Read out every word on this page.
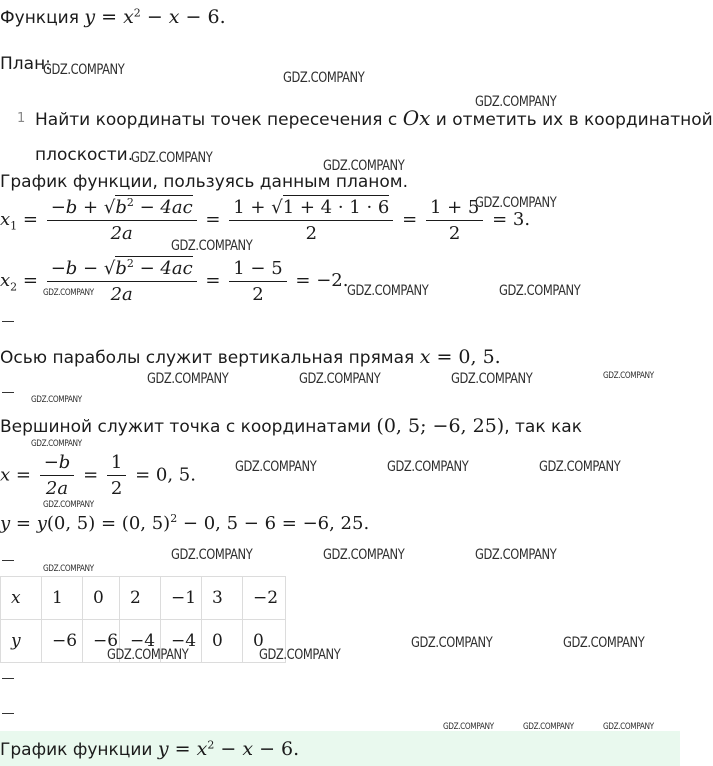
Функция $y = x^2 - x - 6$.
План:
1 Найти координаты точек пересечения с Ox и отметить их в координатной
плоскости.
График функции, пользуясь данным планом.
$x_1 = \frac{-b + √b^2 - 4ac}{2a} = \frac{1 + √1 + 4 \cdot 1 \cdot 6}{2} = \frac{1 + 5}{2} = 3$.
$x_2 = \frac{-b - √b^2 - 4ac}{2a} = \frac{1 - 5}{2} = -2$.
Осью параболы служит вертикальная прямая x = 0, 5.
Вершиной служит точка с координатами (0, 5; −6, 25), так как
$x = \frac{-b}{2a} = \frac{1}{2} = 0$, 5.
y = y(0, 5) = (0, 5)$^2$ − 0, 5 − 6 = −6, 25.
x	1	0	2	−1	3	−2
y	−6	−6	−4	−4	0	0
График функции $y = x^2 - x - 6$.
GDZ.COMPANY	GDZ.COMPANY
GDZ.COMPANY
GDZ.COMPANY	GDZ.COMPANY
GDZ.COMPANY
GDZ.COMPANY
GDZ.COMPANY	GDZ.COMPANY	GDZ.COMPANY
GDZ.COMPANY	GDZ.COMPANY	GDZ.COMPANY	GDZ.COMPANY
GDZ.COMPANY
GDZ.COMPANY
GDZ.COMPANY	GDZ.COMPANY	GDZ.COMPANY
GDZ.COMPANY
GDZ.COMPANY	GDZ.COMPANY	GDZ.COMPANY
GDZ.COMPANY
GDZ.COMPANY	GDZ.COMPANY
GDZ.COMPANY	GDZ.COMPANY
GDZ.COMPANY	GDZ.COMPANY	GDZ.COMPANY
